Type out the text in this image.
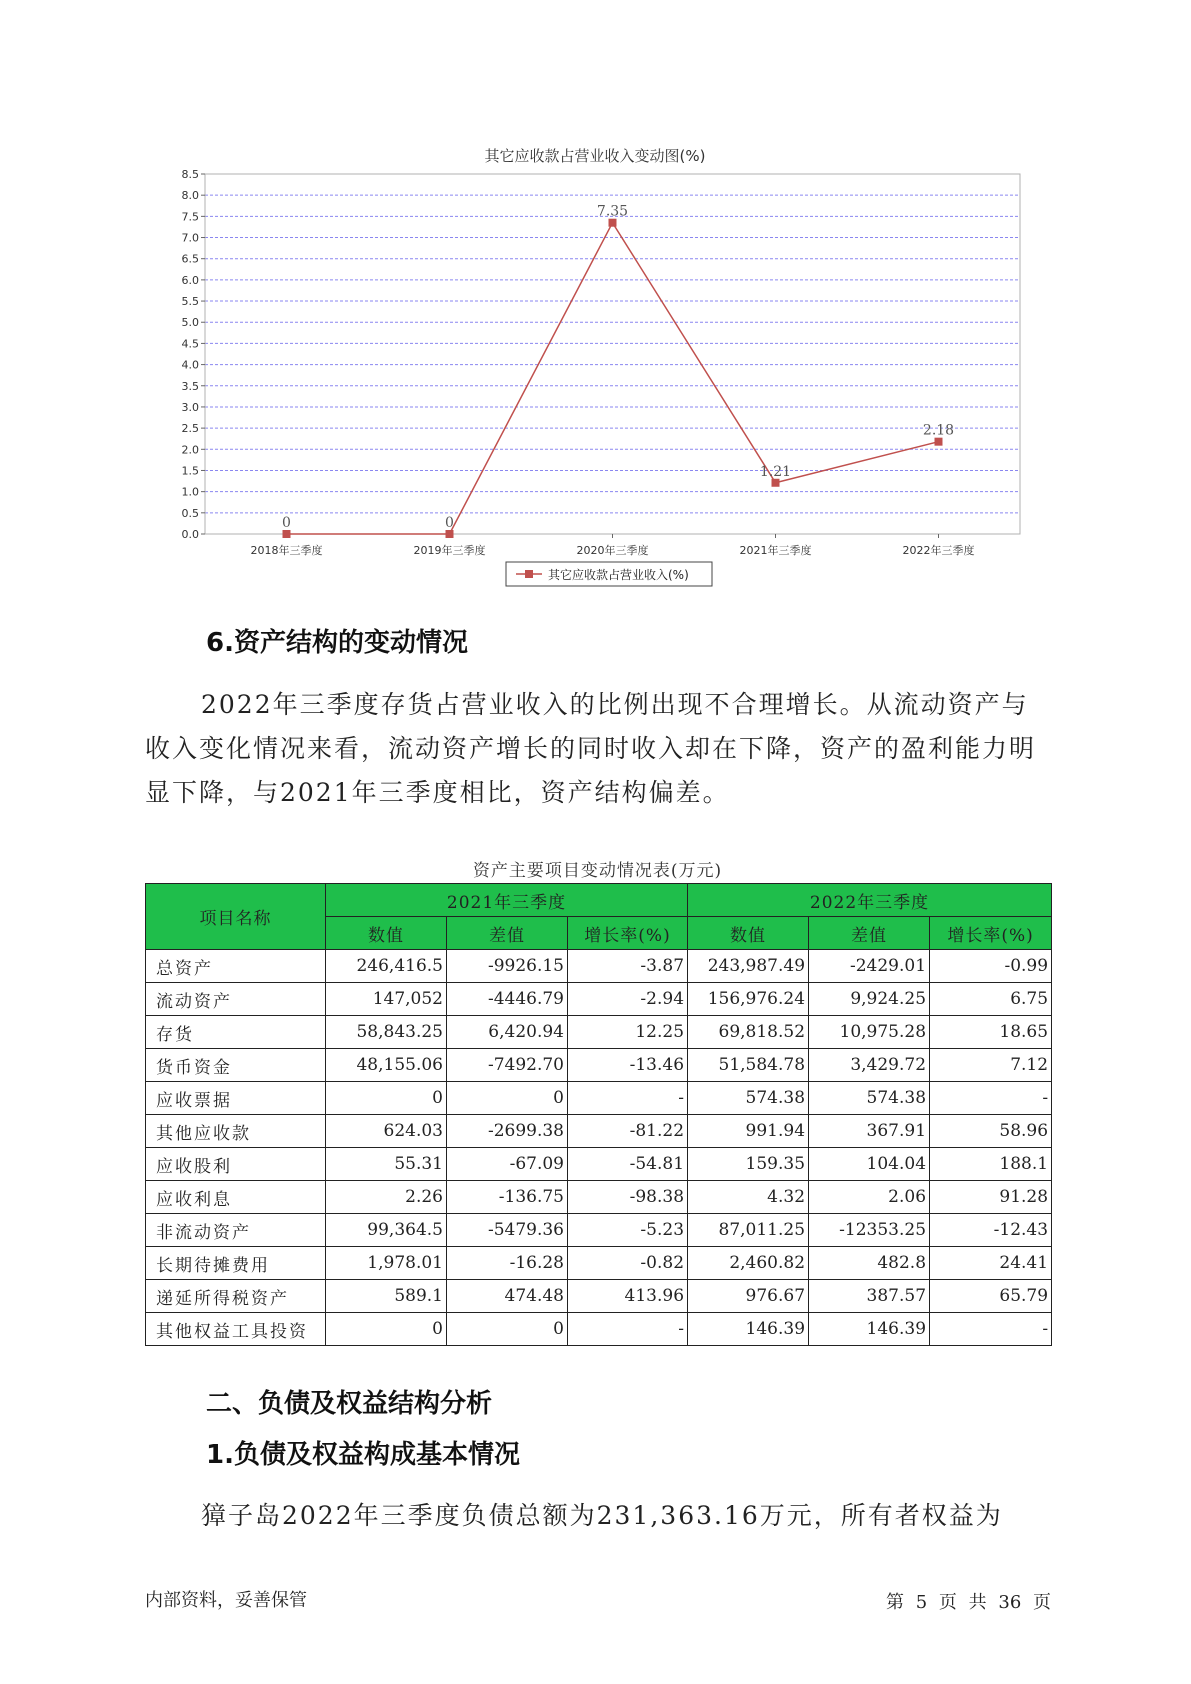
其它应收款占营业收入变动图(%)
0.0
0.5
1.0
1.5
2.0
2.5
3.0
3.5
4.0
4.5
5.0
5.5
6.0
6.5
7.0
7.5
8.0
8.5
2018年三季度	2019年三季度	2020年三季度	2021年三季度	2022年三季度
0	0
7.35
1.21
2.18
其它应收款占营业收入(%)
6.资产结构的变动情况

2022年三季度存货占营业收入的比例出现不合理增长。从流动资产与收入变化情况来看，流动资产增长的同时收入却在下降，资产的盈利能力明显下降，与2021年三季度相比，资产结构偏差。

资产主要项目变动情况表(万元)

项目名称	2021年三季度			2022年三季度		
	数值	差值	增长率(%)	数值	差值	增长率(%)
总资产	246,416.5	-9926.15	-3.87	243,987.49	-2429.01	-0.99
流动资产	147,052	-4446.79	-2.94	156,976.24	9,924.25	6.75
存货	58,843.25	6,420.94	12.25	69,818.52	10,975.28	18.65
货币资金	48,155.06	-7492.70	-13.46	51,584.78	3,429.72	7.12
应收票据	0	0	-	574.38	574.38	-
其他应收款	624.03	-2699.38	-81.22	991.94	367.91	58.96
应收股利	55.31	-67.09	-54.81	159.35	104.04	188.1
应收利息	2.26	-136.75	-98.38	4.32	2.06	91.28
非流动资产	99,364.5	-5479.36	-5.23	87,011.25	-12353.25	-12.43
长期待摊费用	1,978.01	-16.28	-0.82	2,460.82	482.8	24.41
递延所得税资产	589.1	474.48	413.96	976.67	387.57	65.79
其他权益工具投资	0	0	-	146.39	146.39	-
二、负债及权益结构分析
1.负债及权益构成基本情况

獐子岛2022年三季度负债总额为231,363.16万元，所有者权益为

内部资料，妥善保管	第 5 页 共 36 页
